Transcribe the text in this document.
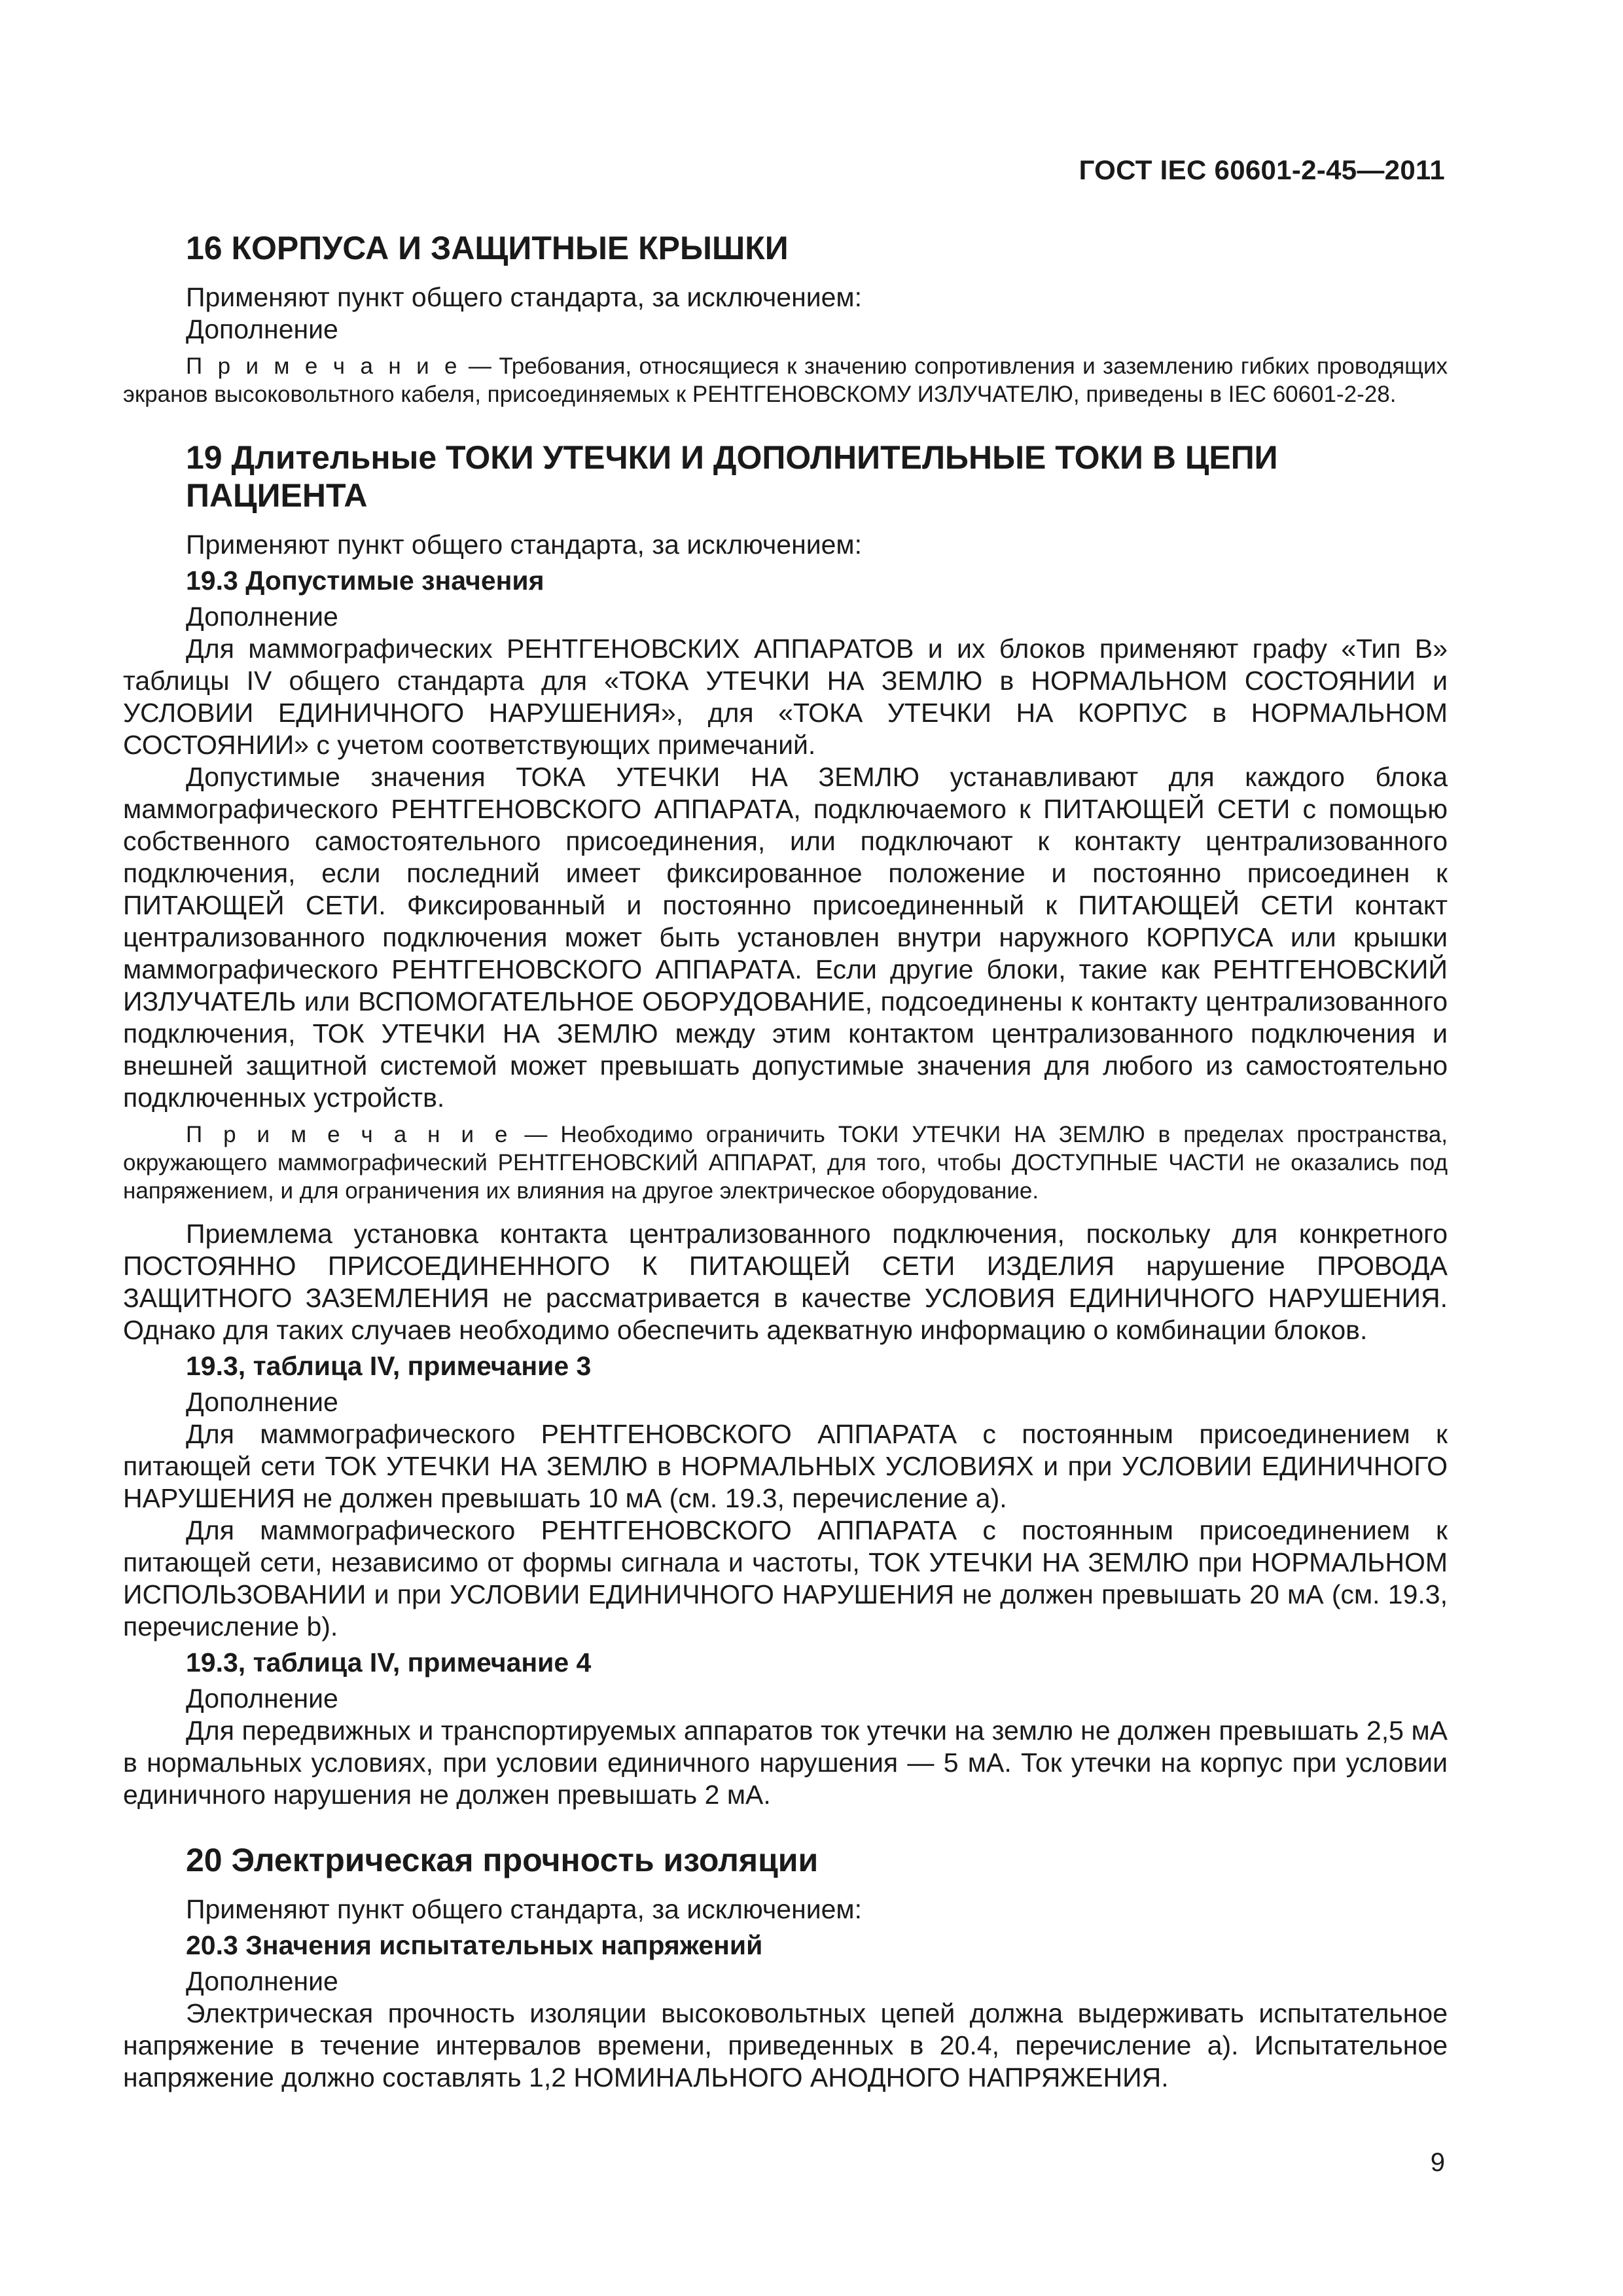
ГОСТ IEC 60601-2-45—2011
16 КОРПУСА И ЗАЩИТНЫЕ КРЫШКИ

Применяют пункт общего стандарта, за исключением:

Дополнение

П р и м е ч а н и е — Требования, относящиеся к значению сопротивления и заземлению гибких проводящих экранов высоковольтного кабеля, присоединяемых к РЕНТГЕНОВСКОМУ ИЗЛУЧАТЕЛЮ, приведены в IEC 60601-2-28.

19 Длительные ТОКИ УТЕЧКИ И ДОПОЛНИТЕЛЬНЫЕ ТОКИ В ЦЕПИ
ПАЦИЕНТА

Применяют пункт общего стандарта, за исключением:

19.3 Допустимые значения

Дополнение

Для маммографических РЕНТГЕНОВСКИХ АППАРАТОВ и их блоков применяют графу «Тип В» таблицы IV общего стандарта для «ТОКА УТЕЧКИ НА ЗЕМЛЮ в НОРМАЛЬНОМ СОСТОЯНИИ и УСЛОВИИ ЕДИНИЧНОГО НАРУШЕНИЯ», для «ТОКА УТЕЧКИ НА КОРПУС в НОРМАЛЬНОМ СОСТОЯНИИ» с учетом соответствующих примечаний.

Допустимые значения ТОКА УТЕЧКИ НА ЗЕМЛЮ устанавливают для каждого блока маммографического РЕНТГЕНОВСКОГО АППАРАТА, подключаемого к ПИТАЮЩЕЙ СЕТИ с помощью собственного самостоятельного присоединения, или подключают к контакту централизованного подключения, если последний имеет фиксированное положение и постоянно присоединен к ПИТАЮЩЕЙ СЕТИ. Фиксированный и постоянно присоединенный к ПИТАЮЩЕЙ СЕТИ контакт централизованного подключения может быть установлен внутри наружного КОРПУСА или крышки маммографического РЕНТГЕНОВСКОГО АППАРАТА. Если другие блоки, такие как РЕНТГЕНОВСКИЙ ИЗЛУЧАТЕЛЬ или ВСПОМОГАТЕЛЬНОЕ ОБОРУДОВАНИЕ, подсоединены к контакту централизованного подключения, ТОК УТЕЧКИ НА ЗЕМЛЮ между этим контактом централизованного подключения и внешней защитной системой может превышать допустимые значения для любого из самостоятельно подключенных устройств.

П р и м е ч а н и е — Необходимо ограничить ТОКИ УТЕЧКИ НА ЗЕМЛЮ в пределах пространства, окружающего маммографический РЕНТГЕНОВСКИЙ АППАРАТ, для того, чтобы ДОСТУПНЫЕ ЧАСТИ не оказались под напряжением, и для ограничения их влияния на другое электрическое оборудование.

Приемлема установка контакта централизованного подключения, поскольку для конкретного ПОСТОЯННО ПРИСОЕДИНЕННОГО К ПИТАЮЩЕЙ СЕТИ ИЗДЕЛИЯ нарушение ПРОВОДА ЗАЩИТНОГО ЗАЗЕМЛЕНИЯ не рассматривается в качестве УСЛОВИЯ ЕДИНИЧНОГО НАРУШЕНИЯ. Однако для таких случаев необходимо обеспечить адекватную информацию о комбинации блоков.

19.3, таблица IV, примечание 3

Дополнение

Для маммографического РЕНТГЕНОВСКОГО АППАРАТА с постоянным присоединением к питающей сети ТОК УТЕЧКИ НА ЗЕМЛЮ в НОРМАЛЬНЫХ УСЛОВИЯХ и при УСЛОВИИ ЕДИНИЧНОГО НАРУШЕНИЯ не должен превышать 10 мА (см. 19.3, перечисление а).

Для маммографического РЕНТГЕНОВСКОГО АППАРАТА с постоянным присоединением к питающей сети, независимо от формы сигнала и частоты, ТОК УТЕЧКИ НА ЗЕМЛЮ при НОРМАЛЬНОМ ИСПОЛЬЗОВАНИИ и при УСЛОВИИ ЕДИНИЧНОГО НАРУШЕНИЯ не должен превышать 20 мА (см. 19.3, перечисление b).

19.3, таблица IV, примечание 4

Дополнение

Для передвижных и транспортируемых аппаратов ток утечки на землю не должен превышать 2,5 мА в нормальных условиях, при условии единичного нарушения — 5 мА. Ток утечки на корпус при условии единичного нарушения не должен превышать 2 мА.

20 Электрическая прочность изоляции

Применяют пункт общего стандарта, за исключением:

20.3 Значения испытательных напряжений

Дополнение

Электрическая прочность изоляции высоковольтных цепей должна выдерживать испытательное напряжение в течение интервалов времени, приведенных в 20.4, перечисление а). Испытательное напряжение должно составлять 1,2 НОМИНАЛЬНОГО АНОДНОГО НАПРЯЖЕНИЯ.

9
